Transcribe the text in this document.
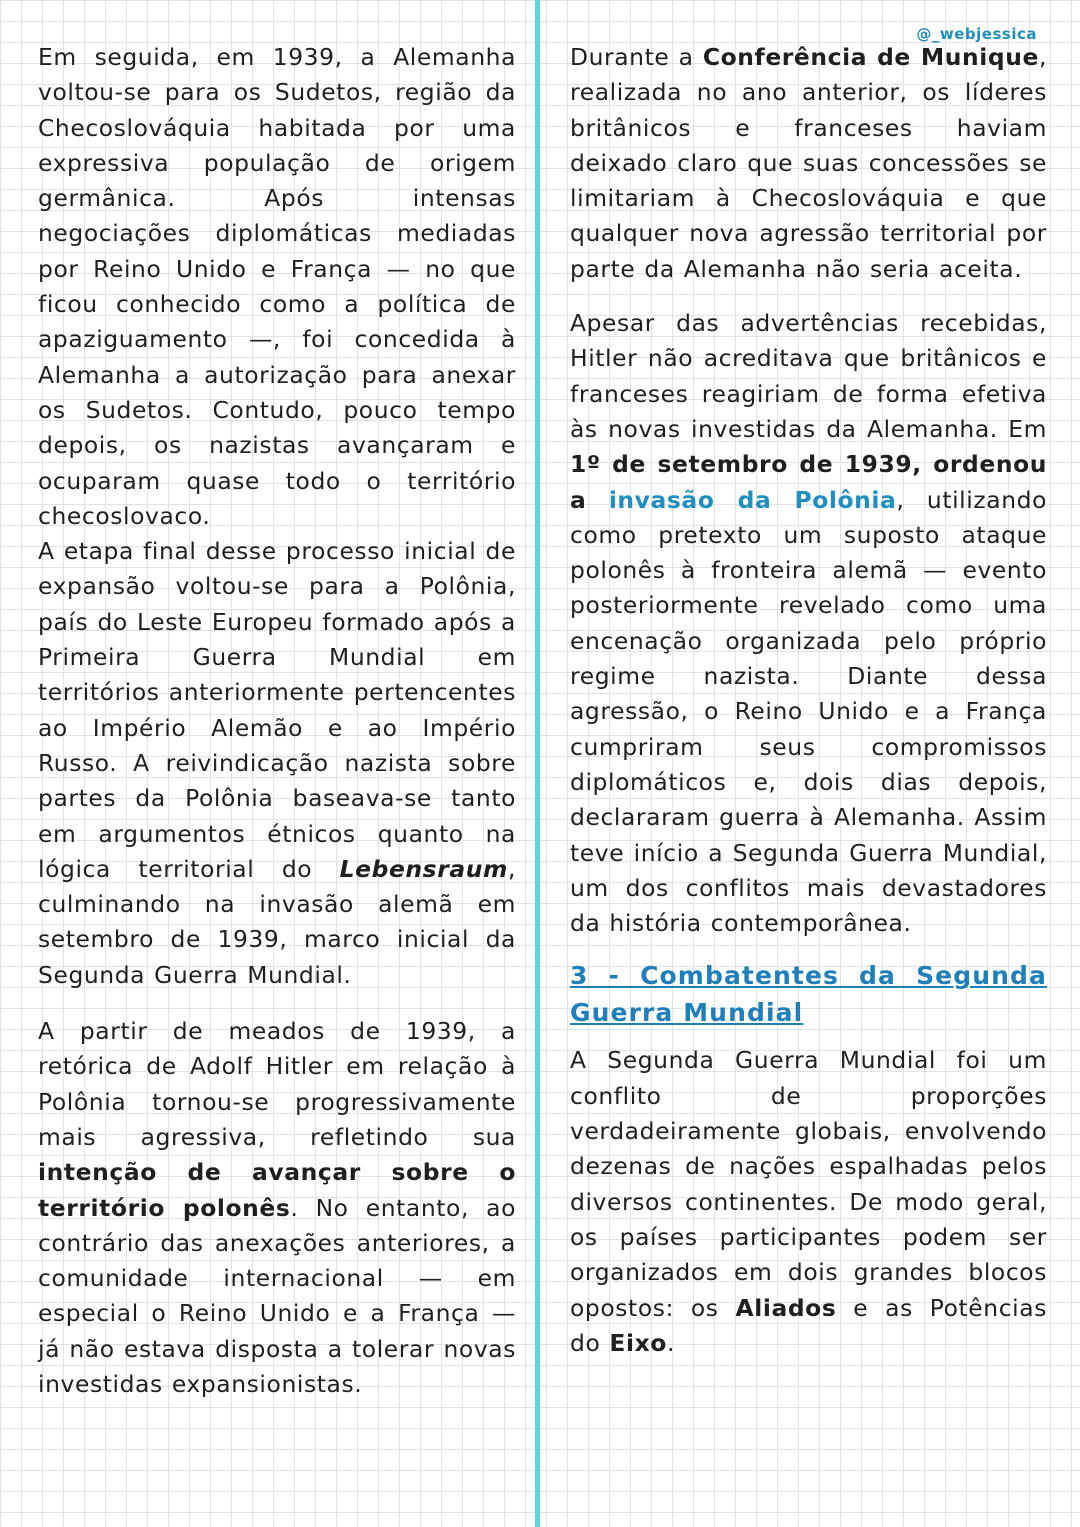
@_webjessica

Em seguida, em 1939, a Alemanha voltou-se para os Sudetos, região da Checoslováquia habitada por uma expressiva população de origem germânica. Após intensas negociações diplomáticas mediadas por Reino Unido e França — no que ficou conhecido como a política de apaziguamento —, foi concedida à Alemanha a autorização para anexar os Sudetos. Contudo, pouco tempo depois, os nazistas avançaram e ocuparam quase todo o território checoslovaco.

A etapa final desse processo inicial de expansão voltou-se para a Polônia, país do Leste Europeu formado após a Primeira Guerra Mundial em territórios anteriormente pertencentes ao Império Alemão e ao Império Russo. A reivindicação nazista sobre partes da Polônia baseava-se tanto em argumentos étnicos quanto na lógica territorial do Lebensraum, culminando na invasão alemã em setembro de 1939, marco inicial da Segunda Guerra Mundial.

A partir de meados de 1939, a retórica de Adolf Hitler em relação à Polônia tornou-se progressivamente mais agressiva, refletindo sua intenção de avançar sobre o território polonês. No entanto, ao contrário das anexações anteriores, a comunidade internacional — em especial o Reino Unido e a França — já não estava disposta a tolerar novas investidas expansionistas.

Durante a Conferência de Munique, realizada no ano anterior, os líderes britânicos e franceses haviam deixado claro que suas concessões se limitariam à Checoslováquia e que qualquer nova agressão territorial por parte da Alemanha não seria aceita.

Apesar das advertências recebidas, Hitler não acreditava que britânicos e franceses reagiriam de forma efetiva às novas investidas da Alemanha. Em 1º de setembro de 1939, ordenou a invasão da Polônia, utilizando como pretexto um suposto ataque polonês à fronteira alemã — evento posteriormente revelado como uma encenação organizada pelo próprio regime nazista. Diante dessa agressão, o Reino Unido e a França cumpriram seus compromissos diplomáticos e, dois dias depois, declararam guerra à Alemanha. Assim teve início a Segunda Guerra Mundial, um dos conflitos mais devastadores da história contemporânea.

3 - Combatentes da Segunda Guerra Mundial

A Segunda Guerra Mundial foi um conflito de proporções verdadeiramente globais, envolvendo dezenas de nações espalhadas pelos diversos continentes. De modo geral, os países participantes podem ser organizados em dois grandes blocos opostos: os Aliados e as Potências do Eixo.
